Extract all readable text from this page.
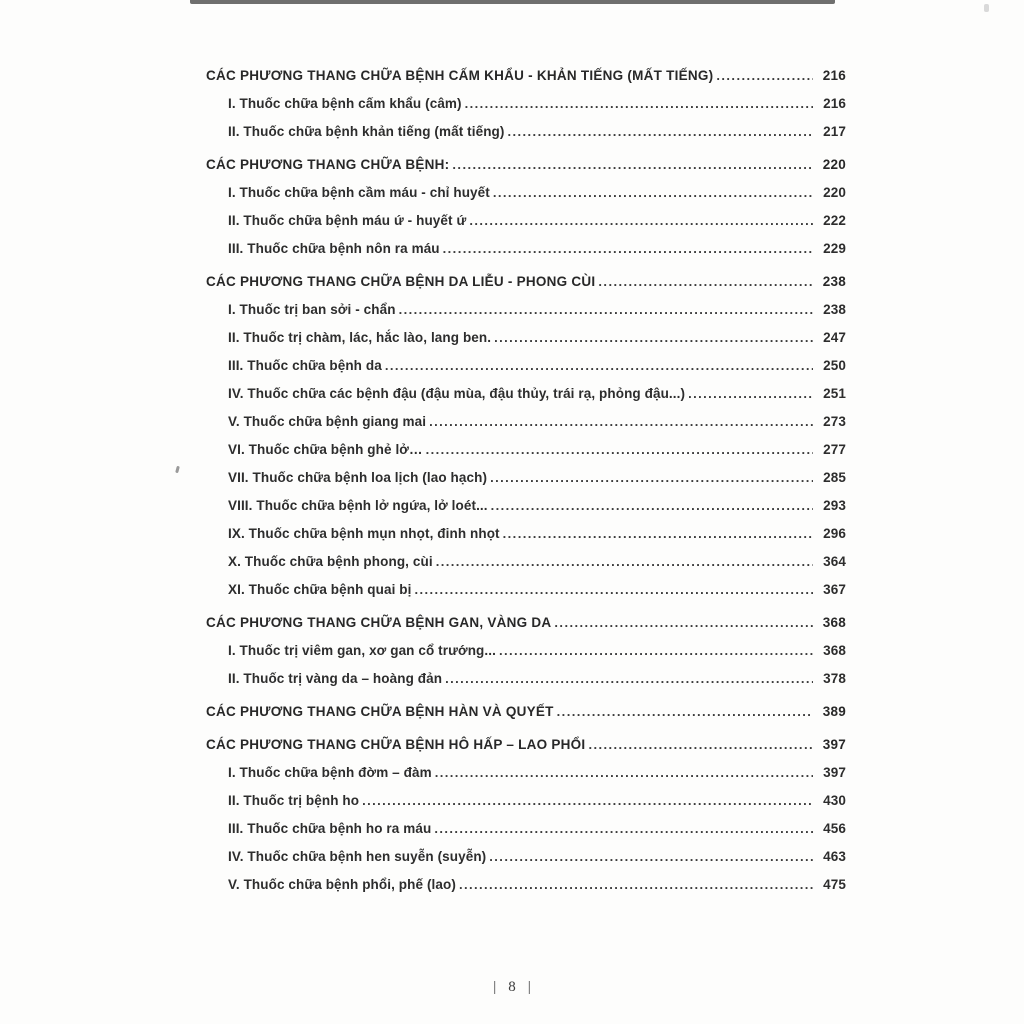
CÁC PHƯƠNG THANG CHỮA BỆNH CẤM KHẨU - KHẢN TIẾNG (MẤT TIẾNG) .....	216
I. Thuốc chữa bệnh cấm khẩu (câm) .....	216
II. Thuốc chữa bệnh khản tiếng (mất tiếng) .....	217
CÁC PHƯƠNG THANG CHỮA BỆNH: .....	220
I. Thuốc chữa bệnh cầm máu - chỉ huyết .....	220
II. Thuốc chữa bệnh máu ứ - huyết ứ .....	222
III. Thuốc chữa bệnh nôn ra máu .....	229
CÁC PHƯƠNG THANG CHỮA BỆNH DA LIỄU - PHONG CÙI .....	238
I. Thuốc trị ban sởi - chẩn .....	238
II. Thuốc trị chàm, lác, hắc lào, lang ben. .....	247
III. Thuốc chữa bệnh da .....	250
IV. Thuốc chữa các bệnh đậu (đậu mùa, đậu thủy, trái rạ, phỏng đậu...) .....	251
V. Thuốc chữa bệnh giang mai .....	273
VI. Thuốc chữa bệnh ghẻ lở… .....	277
VII. Thuốc chữa bệnh loa lịch (lao hạch) .....	285
VIII. Thuốc chữa bệnh lở ngứa, lở loét... .....	293
IX. Thuốc chữa bệnh mụn nhọt, đinh nhọt .....	296
X. Thuốc chữa bệnh phong, cùi .....	364
XI. Thuốc chữa bệnh quai bị .....	367
CÁC PHƯƠNG THANG CHỮA BỆNH GAN, VÀNG DA .....	368
I. Thuốc trị viêm gan, xơ gan cổ trướng... .....	368
II. Thuốc trị vàng da – hoàng đản .....	378
CÁC PHƯƠNG THANG CHỮA BỆNH HÀN VÀ QUYẾT .....	389
CÁC PHƯƠNG THANG CHỮA BỆNH HÔ HẤP – LAO PHỔI .....	397
I. Thuốc chữa bệnh đờm – đàm .....	397
II. Thuốc trị bệnh ho .....	430
III. Thuốc chữa bệnh ho ra máu .....	456
IV. Thuốc chữa bệnh hen suyễn (suyễn) .....	463
V. Thuốc chữa bệnh phổi, phế (lao) .....	475
| 8 |
